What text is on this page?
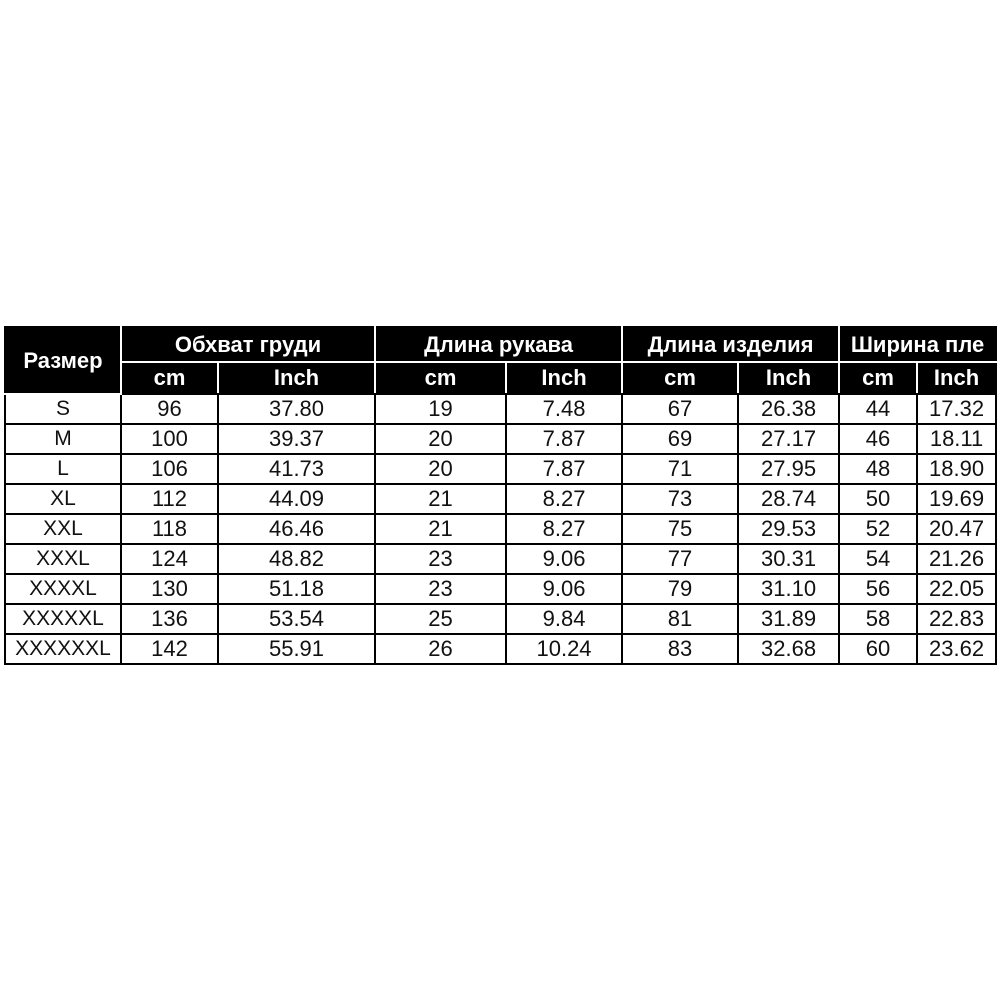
Размер	Обхват груди		Длина рукава		Длина изделия		Ширина пле	
	cm	Inch	cm	Inch	cm	Inch	cm	Inch
S	96	37.80	19	7.48	67	26.38	44	17.32
M	100	39.37	20	7.87	69	27.17	46	18.11
L	106	41.73	20	7.87	71	27.95	48	18.90
XL	112	44.09	21	8.27	73	28.74	50	19.69
XXL	118	46.46	21	8.27	75	29.53	52	20.47
XXXL	124	48.82	23	9.06	77	30.31	54	21.26
XXXXL	130	51.18	23	9.06	79	31.10	56	22.05
XXXXXL	136	53.54	25	9.84	81	31.89	58	22.83
XXXXXXL	142	55.91	26	10.24	83	32.68	60	23.62
